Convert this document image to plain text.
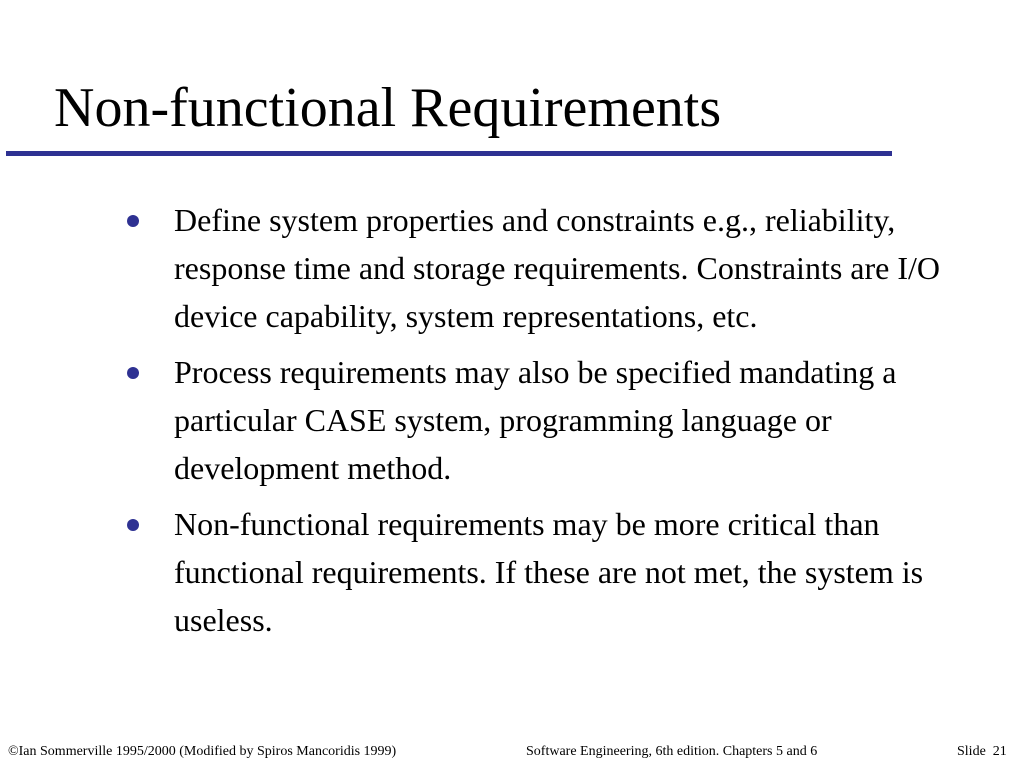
Non-functional Requirements
Define system properties and constraints e.g., reliability, response time and storage requirements. Constraints are I/O device capability, system representations, etc.
Process requirements may also be specified mandating a particular CASE system, programming language or development method.
Non-functional requirements may be more critical than functional requirements. If these are not met, the system is useless.
©Ian Sommerville 1995/2000 (Modified by Spiros Mancoridis 1999)	Software Engineering, 6th edition. Chapters 5 and 6	Slide 21
